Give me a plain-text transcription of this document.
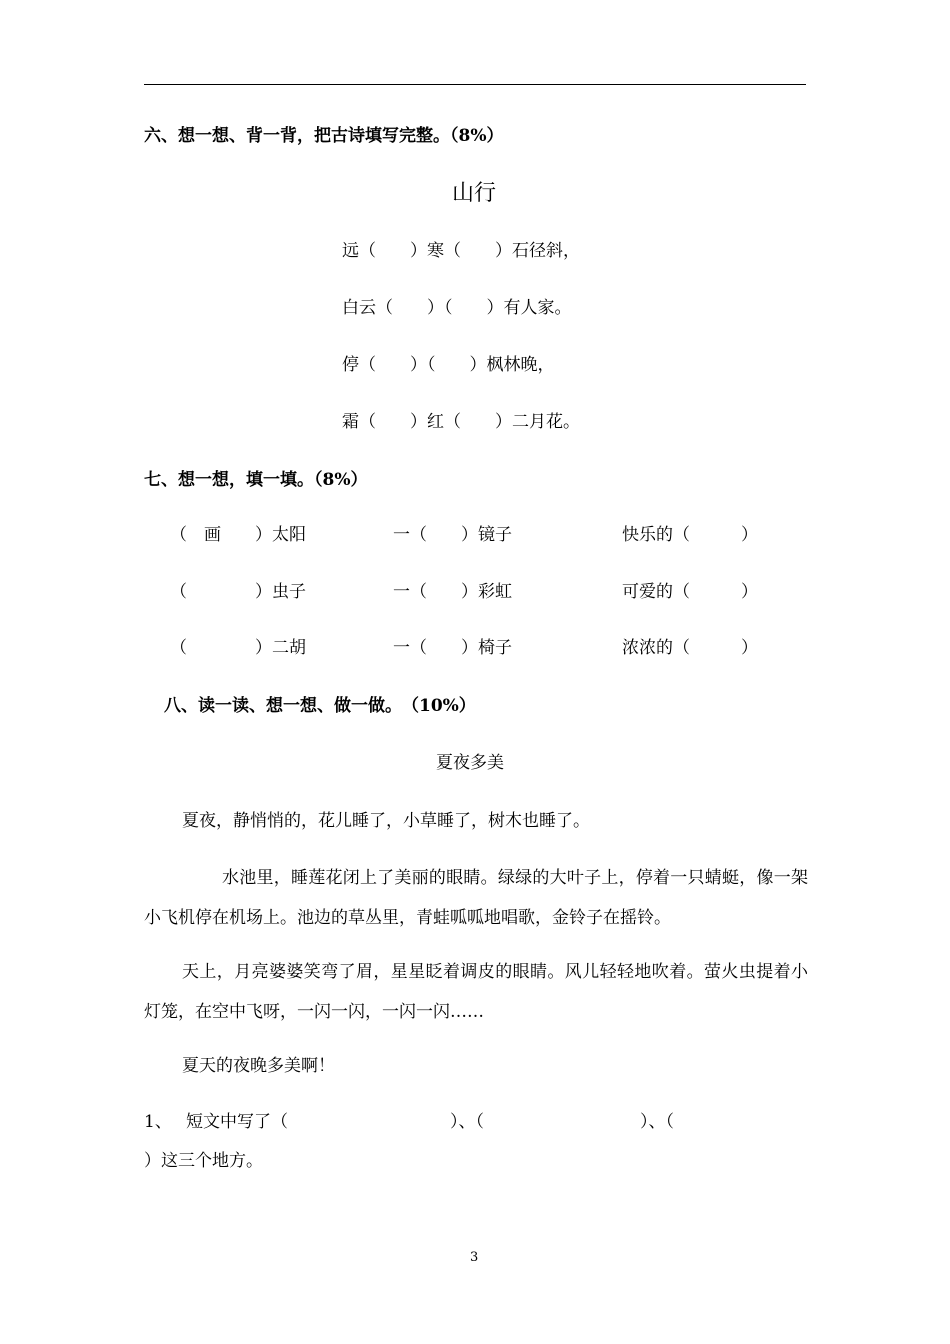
六、想一想、背一背，把古诗填写完整。（8%）
山行
远（　　）寒（　　）石径斜，
白云（　　）（　　）有人家。
停（　　）（　　）枫林晚，
霜（　　）红（　　）二月花。
七、想一想，填一填。（8%）
（　画　　）太阳	一（　　）镜子	快乐的（　　　）
（　　　　）虫子	一（　　）彩虹	可爱的（　　　）
（　　　　）二胡	一（　　）椅子	浓浓的（　　　）
八、读一读、想一想、做一做。　（10%）
夏夜多美
夏夜，静悄悄的，花儿睡了，小草睡了，树木也睡了。
水池里，睡莲花闭上了美丽的眼睛。绿绿的大叶子上，停着一只蜻蜓，像一架小飞机停在机场上。池边的草丛里，青蛙呱呱地唱歌，金铃子在摇铃。
天上，月亮婆婆笑弯了眉，星星眨着调皮的眼睛。风儿轻轻地吹着。萤火虫提着小灯笼，在空中飞呀，一闪一闪，一闪一闪……
夏天的夜晚多美啊！
1、 短文中写了（	）、（	）、（
）这三个地方。
3
